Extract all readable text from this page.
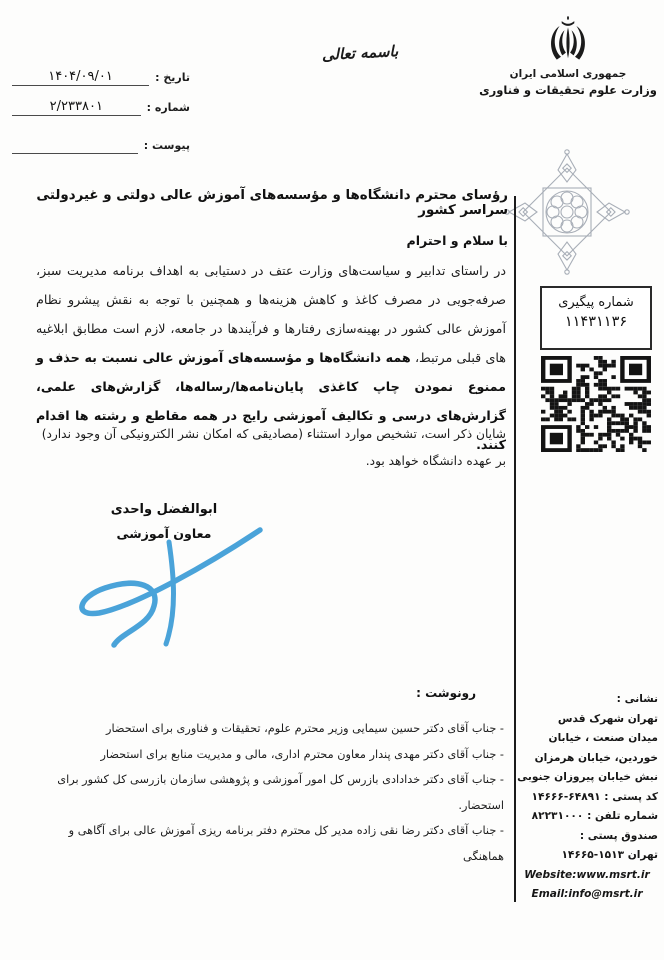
جمهوری اسلامی ایران
وزارت علوم تحقیقات و فناوری
باسمه تعالی
تاریخ :
۱۴۰۴/۰۹/۰۱
شماره :
۲/۲۳۳۸۰۱
پیوست :
شماره پیگیری
۱۱۴۳۱۱۳۶
رؤسای محترم دانشگاه‌ها و مؤسسه‌های آموزش عالی دولتی و غیردولتی سراسر کشور
با سلام و احترام

در راستای تدابیر و سیاست‌های وزارت عتف در دستیابی به اهداف برنامه مدیریت سبز، صرفه‌جویی در مصرف کاغذ و کاهش هزینه‌ها و همچنین با توجه به نقش پیشرو نظام آموزش عالی کشور در بهینه‌سازی رفتارها و فرآیندها در جامعه، لازم است مطابق ابلاغیه های قبلی مرتبط، همه دانشگاه‌ها و مؤسسه‌های آموزش عالی نسبت به حذف و ممنوع نمودن چاپ کاغذی پایان‌نامه‌ها/رساله‌ها، گزارش‌های علمی، گزارش‌های درسی و تکالیف آموزشی رایج در همه مقاطع و رشته ها اقدام کنند.

شایان ذکر است، تشخیص موارد استثناء (مصادیقی که امکان نشر الکترونیکی آن وجود ندارد) بر عهده دانشگاه خواهد بود.

ابوالفضل واحدی
معاون آموزشی
رونوشت :
- جناب آقای دکتر حسین سیمایی وزیر محترم علوم، تحقیقات و فناوری برای استحضار
- جناب آقای دکتر مهدی پندار معاون محترم اداری، مالی و مدیریت منابع برای استحضار
- جناب آقای دکتر خدادادی بازرس کل امور آموزشی و پژوهشی سازمان بازرسی کل کشور برای استحضار.
- جناب آقای دکتر رضا نقی زاده مدیر کل محترم دفتر برنامه ریزی آموزش عالی برای آگاهی و هماهنگی
نشانی :
تهران شهرک قدس
میدان صنعت ، خیابان
خوردین، خیابان هرمزان
نبش خیابان پیروزان جنوبی
کد پستی : ۶۴۸۹۱-۱۴۶۶۶
شماره تلفن : ۸۲۲۳۱۰۰۰
صندوق پستی :
تهران ۱۵۱۳-۱۴۶۶۵
Website:www.msrt.ir
Email:info@msrt.ir
